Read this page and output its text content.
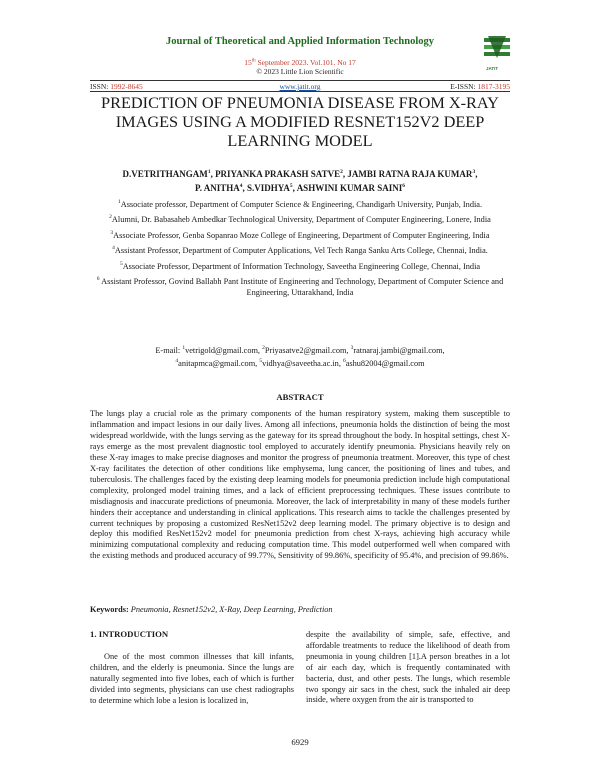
Journal of Theoretical and Applied Information Technology
15th September 2023. Vol.101. No 17
© 2023 Little Lion Scientific	JATIT
ISSN: 1992-8645	www.jatit.org	E-ISSN: 1817-3195
PREDICTION OF PNEUMONIA DISEASE FROM X-RAY
IMAGES USING A MODIFIED RESNET152V2 DEEP
LEARNING MODEL
D.VETRITHANGAM$^1$, PRIYANKA PRAKASH SATVE$^2$, JAMBI RATNA RAJA KUMAR$^3$,
P. ANITHA$^4$, S.VIDHYA$^5$, ASHWINI KUMAR SAINI$^6$
$^1$Associate professor, Department of Computer Science & Engineering, Chandigarh University, Punjab, India.
$^2$Alumni, Dr. Babasaheb Ambedkar Technological University, Department of Computer Engineering, Lonere, India
$^3$Associate Professor, Genba Sopanrao Moze College of Engineering, Department of Computer Engineering, India
$^4$Assistant Professor, Department of Computer Applications, Vel Tech Ranga Sanku Arts College, Chennai, India.
$^5$Associate Professor, Department of Information Technology, Saveetha Engineering College, Chennai, India
$^6$ Assistant Professor, Govind Ballabh Pant Institute of Engineering and Technology, Department of Computer Science and Engineering, Uttarakhand, India
E-mail: $^1$vetrigold@gmail.com, $^2$Priyasatve2@gmail.com, $^3$ratnaraj.jambi@gmail.com,
$^4$anitapmca@gmail.com, $^5$vidhya@saveetha.ac.in, $^6$ashu82004@gmail.com
ABSTRACT
The lungs play a crucial role as the primary components of the human respiratory system, making them susceptible to inflammation and impact lesions in our daily lives. Among all infections, pneumonia holds the distinction of being the most widespread worldwide, with the lungs serving as the gateway for its spread throughout the body. In hospital settings, chest X-rays emerge as the most prevalent diagnostic tool employed to accurately identify pneumonia. Physicians heavily rely on these X-ray images to make precise diagnoses and monitor the progress of pneumonia treatment. Moreover, this type of chest X-ray facilitates the detection of other conditions like emphysema, lung cancer, the positioning of lines and tubes, and tuberculosis. The challenges faced by the existing deep learning models for pneumonia prediction include high computational complexity, prolonged model training times, and a lack of efficient preprocessing techniques. These issues contribute to misdiagnosis and inaccurate predictions of pneumonia. Moreover, the lack of interpretability in many of these models further hinders their acceptance and understanding in clinical applications. This research aims to tackle the challenges presented by current techniques by proposing a customized ResNet152v2 deep learning model. The primary objective is to design and deploy this modified ResNet152v2 model for pneumonia prediction from chest X-rays, achieving high accuracy while minimizing computational complexity and reducing computation time. This model outperformed well when compared with the existing methods and produced accuracy of 99.77%, Sensitivity of 99.86%, specificity of 95.4%, and precision of 99.86%.
Keywords: Pneumonia, Resnet152v2, X-Ray, Deep Learning, Prediction
1. INTRODUCTION
One of the most common illnesses that kill infants, children, and the elderly is pneumonia. Since the lungs are naturally segmented into five lobes, each of which is further divided into segments, physicians can use chest radiographs to determine which lobe a lesion is localized in,
despite the availability of simple, safe, effective, and affordable treatments to reduce the likelihood of death from pneumonia in young children [1].A person breathes in a lot of air each day, which is frequently contaminated with bacteria, dust, and other pests. The lungs, which resemble two spongy air sacs in the chest, suck the inhaled air deep inside, where oxygen from the air is transported to
6929
